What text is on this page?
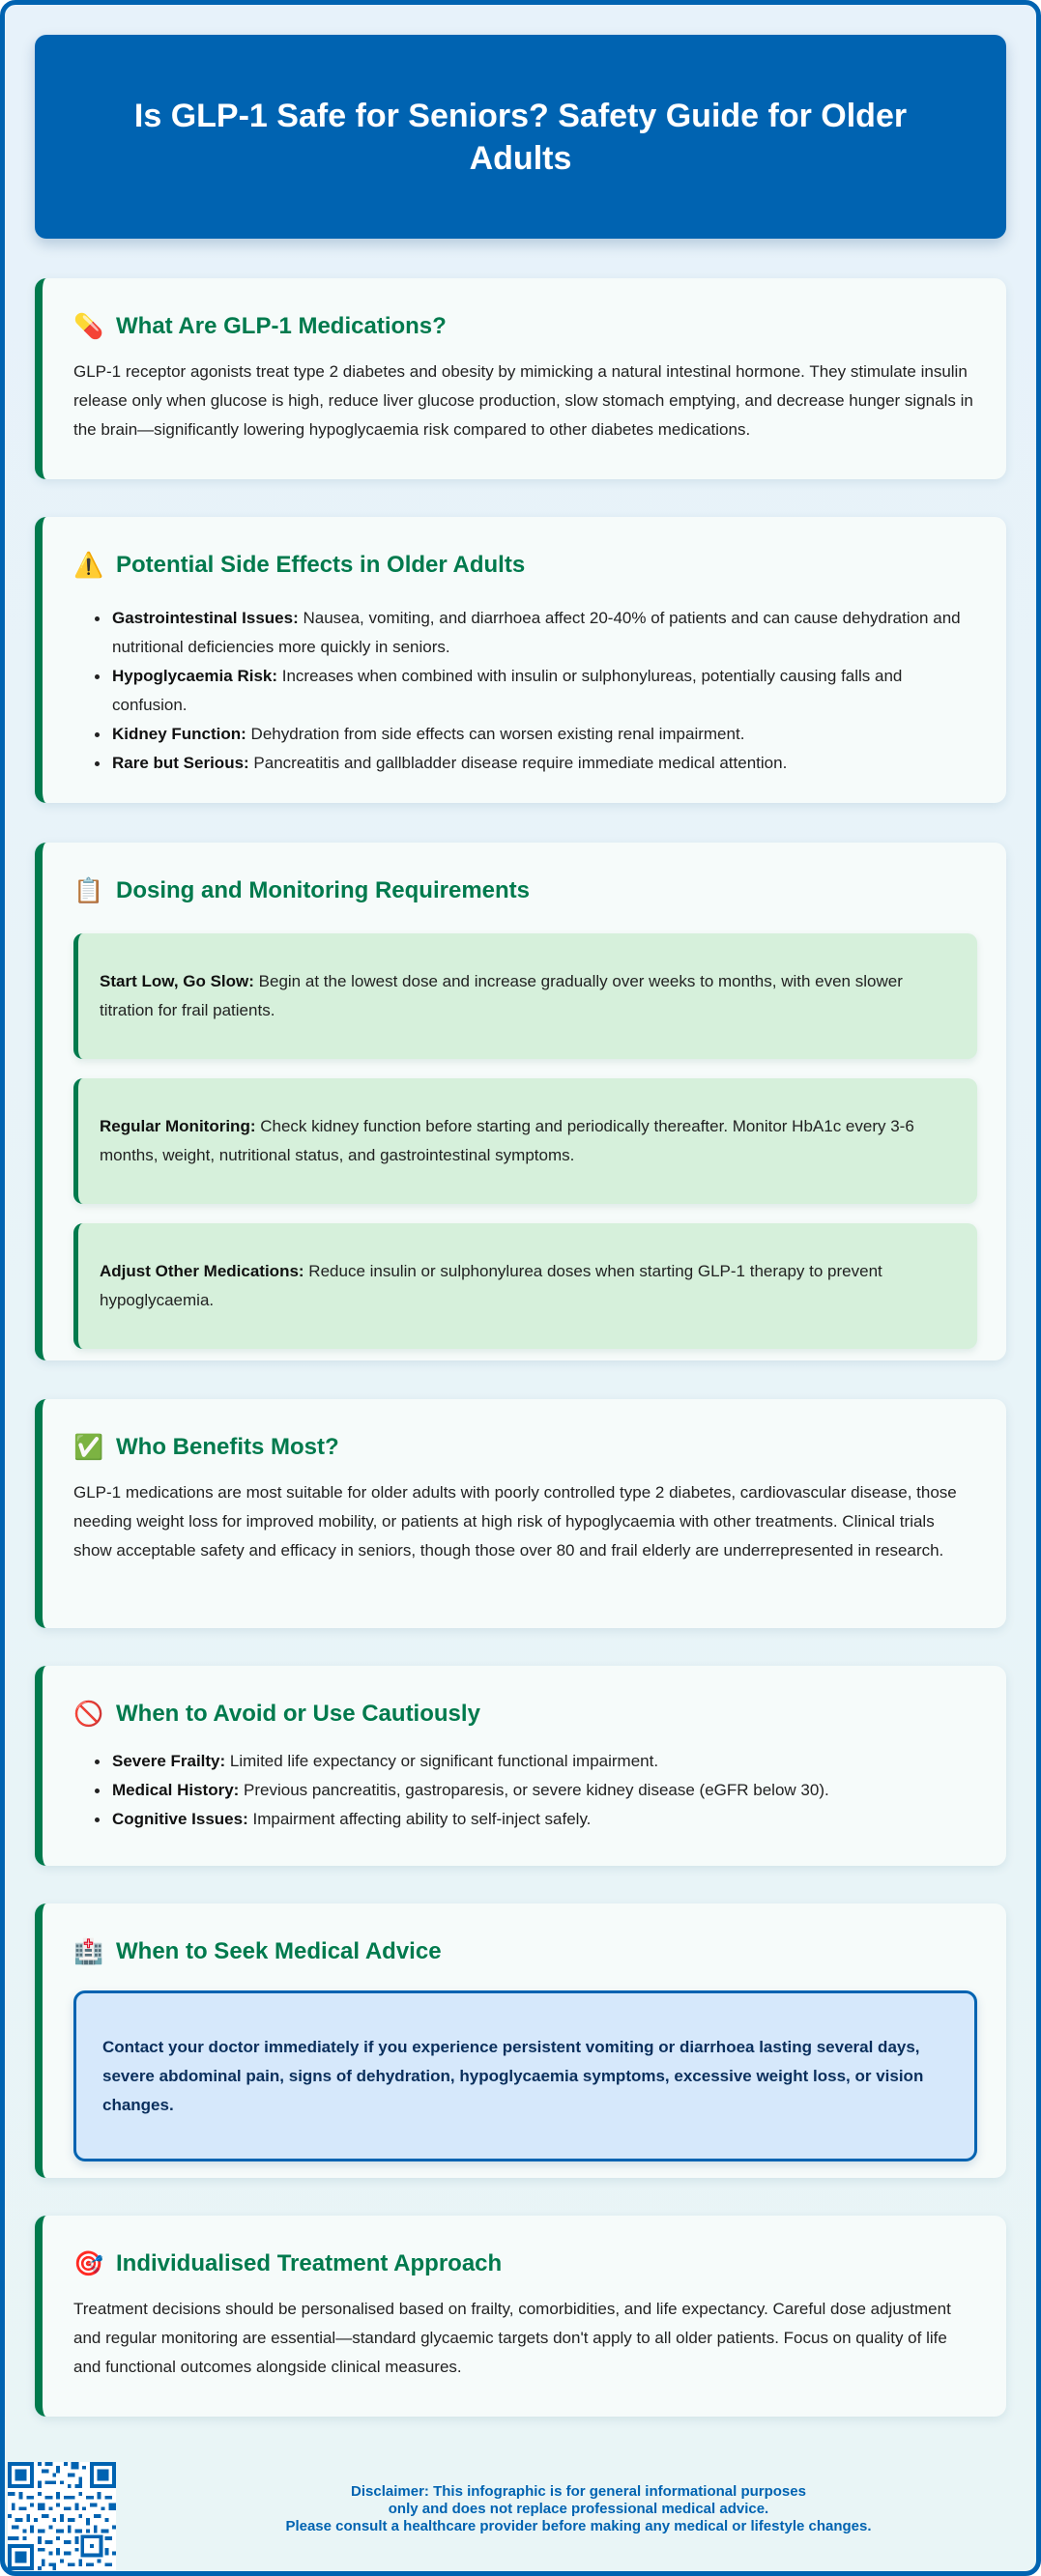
Is GLP-1 Safe for Seniors? Safety Guide for Older Adults
💊 What Are GLP-1 Medications?

GLP-1 receptor agonists treat type 2 diabetes and obesity by mimicking a natural intestinal hormone. They stimulate insulin release only when glucose is high, reduce liver glucose production, slow stomach emptying, and decrease hunger signals in the brain—significantly lowering hypoglycaemia risk compared to other diabetes medications.

⚠️ Potential Side Effects in Older Adults
Gastrointestinal Issues: Nausea, vomiting, and diarrhoea affect 20-40% of patients and can cause dehydration and nutritional deficiencies more quickly in seniors.
Hypoglycaemia Risk: Increases when combined with insulin or sulphonylureas, potentially causing falls and confusion.
Kidney Function: Dehydration from side effects can worsen existing renal impairment.
Rare but Serious: Pancreatitis and gallbladder disease require immediate medical attention.
📋 Dosing and Monitoring Requirements

Start Low, Go Slow: Begin at the lowest dose and increase gradually over weeks to months, with even slower titration for frail patients.

Regular Monitoring: Check kidney function before starting and periodically thereafter. Monitor HbA1c every 3-6 months, weight, nutritional status, and gastrointestinal symptoms.

Adjust Other Medications: Reduce insulin or sulphonylurea doses when starting GLP-1 therapy to prevent hypoglycaemia.

✅ Who Benefits Most?

GLP-1 medications are most suitable for older adults with poorly controlled type 2 diabetes, cardiovascular disease, those needing weight loss for improved mobility, or patients at high risk of hypoglycaemia with other treatments. Clinical trials show acceptable safety and efficacy in seniors, though those over 80 and frail elderly are underrepresented in research.

🚫 When to Avoid or Use Cautiously
Severe Frailty: Limited life expectancy or significant functional impairment.
Medical History: Previous pancreatitis, gastroparesis, or severe kidney disease (eGFR below 30).
Cognitive Issues: Impairment affecting ability to self-inject safely.
🏥 When to Seek Medical Advice

Contact your doctor immediately if you experience persistent vomiting or diarrhoea lasting several days, severe abdominal pain, signs of dehydration, hypoglycaemia symptoms, excessive weight loss, or vision changes.

🎯 Individualised Treatment Approach

Treatment decisions should be personalised based on frailty, comorbidities, and life expectancy. Careful dose adjustment and regular monitoring are essential—standard glycaemic targets don't apply to all older patients. Focus on quality of life and functional outcomes alongside clinical measures.

Disclaimer: This infographic is for general informational purposes
only and does not replace professional medical advice.
Please consult a healthcare provider before making any medical or lifestyle changes.
